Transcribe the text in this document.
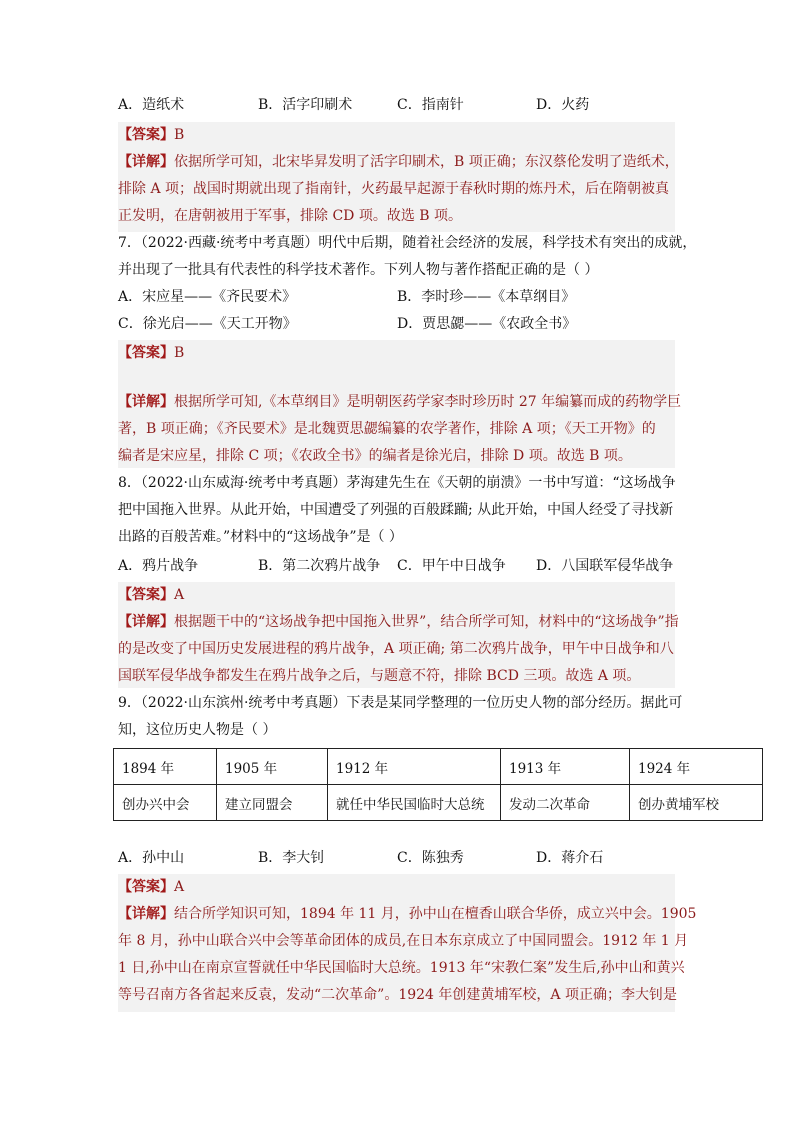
A．造纸术	B．活字印刷术	C．指南针	D．火药
【答案】B
【详解】依据所学可知，北宋毕昇发明了活字印刷术，B 项正确；东汉蔡伦发明了造纸术，
排除 A 项；战国时期就出现了指南针，火药最早起源于春秋时期的炼丹术，后在隋朝被真
正发明，在唐朝被用于军事，排除 CD 项。故选 B 项。
7．（2022·西藏·统考中考真题）明代中后期，随着社会经济的发展，科学技术有突出的成就，
并出现了一批具有代表性的科学技术著作。下列人物与著作搭配正确的是（ ）
A．宋应星——《齐民要术》	B．李时珍——《本草纲目》
C．徐光启——《天工开物》	D．贾思勰——《农政全书》
【答案】B
【详解】根据所学可知,《本草纲目》是明朝医药学家李时珍历时 27 年编纂而成的药物学巨
著，B 项正确；《齐民要术》是北魏贾思勰编纂的农学著作，排除 A 项；《天工开物》的
编者是宋应星，排除 C 项；《农政全书》的编者是徐光启，排除 D 项。故选 B 项。
8．（2022·山东威海·统考中考真题）茅海建先生在《天朝的崩溃》一书中写道：“这场战争
把中国拖入世界。从此开始，中国遭受了列强的百般蹂躏; 从此开始，中国人经受了寻找新
出路的百般苦难。”材料中的“这场战争”是（ ）
A．鸦片战争	B．第二次鸦片战争 C．甲午中日战争 D．八国联军侵华战争
【答案】A
【详解】根据题干中的“这场战争把中国拖入世界”，结合所学可知，材料中的“这场战争”指
的是改变了中国历史发展进程的鸦片战争，A 项正确; 第二次鸦片战争，甲午中日战争和八
国联军侵华战争都发生在鸦片战争之后，与题意不符，排除 BCD 三项。故选 A 项。
9．（2022·山东滨州·统考中考真题）下表是某同学整理的一位历史人物的部分经历。据此可
知，这位历史人物是（ ）
1894 年	1905 年	1912 年	1913 年	1924 年
创办兴中会	建立同盟会	就任中华民国临时大总统	发动二次革命	创办黄埔军校
A．孙中山	B．李大钊	C．陈独秀	D．蒋介石
【答案】A
【详解】结合所学知识可知，1894 年 11 月，孙中山在檀香山联合华侨，成立兴中会。1905
年 8 月，孙中山联合兴中会等革命团体的成员,在日本东京成立了中国同盟会。1912 年 1 月
1 日,孙中山在南京宣誓就任中华民国临时大总统。1913 年“宋教仁案”发生后,孙中山和黄兴
等号召南方各省起来反袁，发动“二次革命”。1924 年创建黄埔军校，A 项正确；李大钊是
